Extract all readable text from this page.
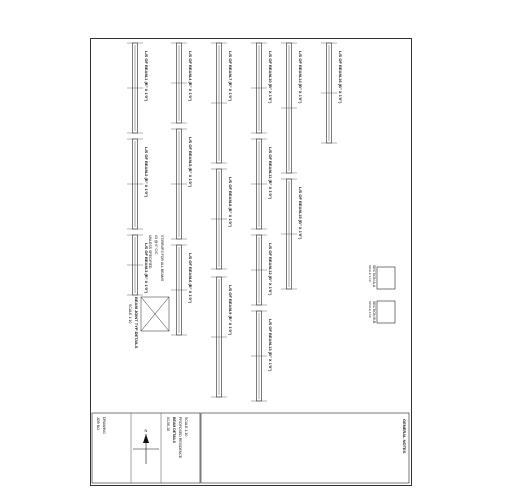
L/S OF BEAM-1 (B" X 1'0")
L/S OF BEAM-2 (B" X 1'0")
L/S OF BEAM-3 (B" X 1'0")
L/S OF BEAM-4 (B" X 1'0")
L/S OF BEAM-5 (B" X 1'0")
L/S OF BEAM-6 (B" X 1'0")
L/S OF BEAM-7 (B" X 1'0")
L/S OF BEAM-8 (B" X 1'0")
L/S OF BEAM-9 (B" X 1'0")
L/S OF BEAM-10 (B" X 1'0")
L/S OF BEAM-11 (B" X 1'0")
L/S OF BEAM-12 (B" X 1'0")
L/S OF BEAM-13 (B" X 1'0")
L/S OF BEAM-14 (B" X 1'0")
L/S OF BEAM-15 (B" X 1'0")
L/S OF BEAM-16 (B" X 1'0")
BEAM JOINT TYP DETAILS
SCALE 1:10
STIRRUPS FOR ALL BEAMS
#3 @ 6" C/C
UNLESS SPECIFIED
SECTION A-A
SECTION B-B
SCALE 1:10
SCALE 1:10
GENERAL NOTES
JOB NO. DRAWING	01-06-18 BEAM DETAILS PROPOSED RESIDENCE SCALE 1:10
N
